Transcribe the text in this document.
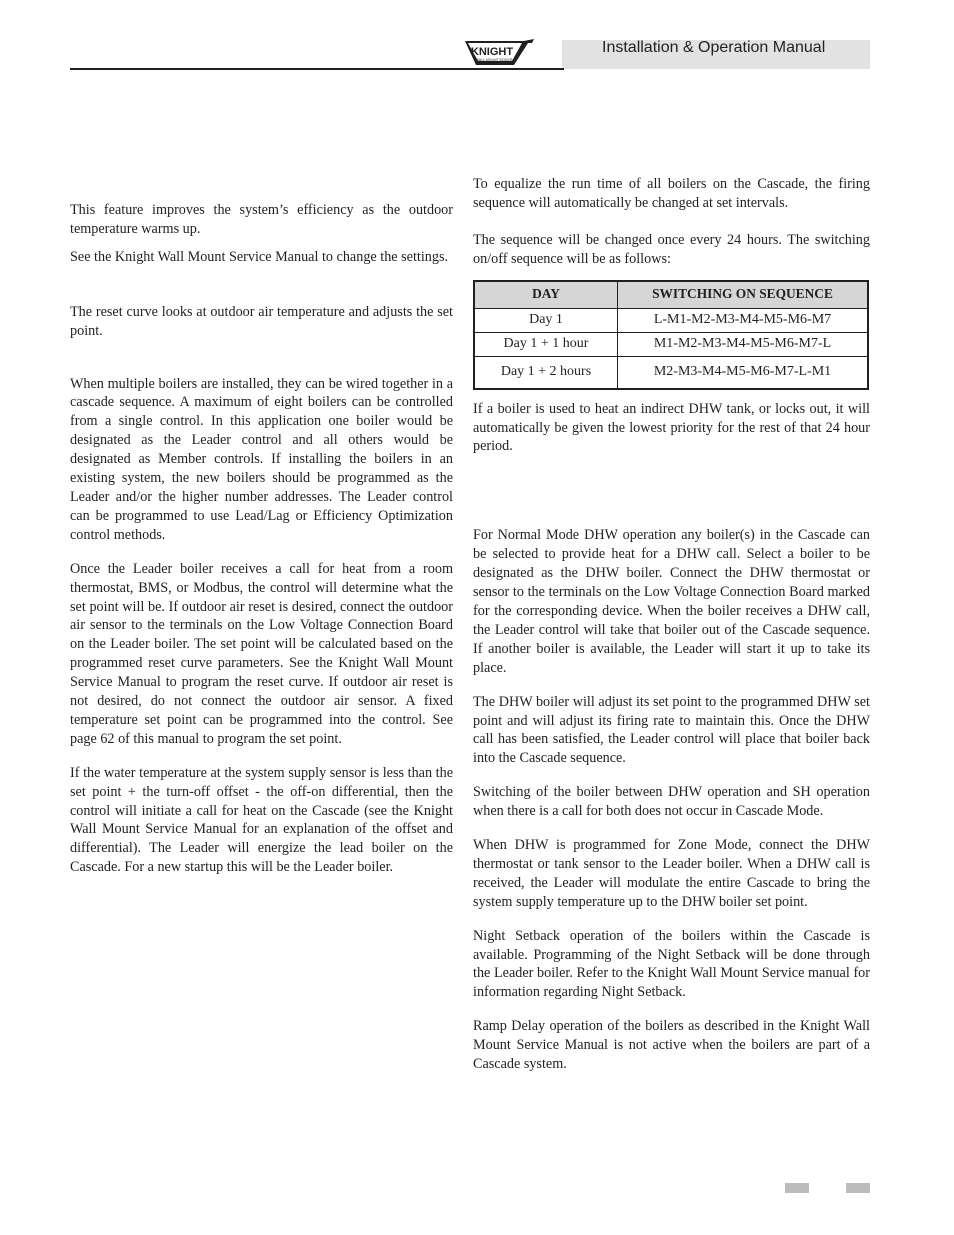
Installation & Operation Manual
KNIGHT
WALL MOUNT BOILER

This feature improves the system’s efficiency as the outdoor temperature warms up.

See the Knight Wall Mount Service Manual to change the settings.

The reset curve looks at outdoor air temperature and adjusts the set point.

When multiple boilers are installed, they can be wired together in a cascade sequence. A maximum of eight boilers can be controlled from a single control. In this application one boiler would be designated as the Leader control and all others would be designated as Member controls. If installing the boilers in an existing system, the new boilers should be programmed as the Leader and/or the higher number addresses. The Leader control can be programmed to use Lead/Lag or Efficiency Optimization control methods.

Once the Leader boiler receives a call for heat from a room thermostat, BMS, or Modbus, the control will determine what the set point will be. If outdoor air reset is desired, connect the outdoor air sensor to the terminals on the Low Voltage Connection Board on the Leader boiler. The set point will be calculated based on the programmed reset curve parameters. See the Knight Wall Mount Service Manual to program the reset curve. If outdoor air reset is not desired, do not connect the outdoor air sensor. A fixed temperature set point can be programmed into the control. See page 62 of this manual to program the set point.

If the water temperature at the system supply sensor is less than the set point + the turn-off offset - the off-on differential, then the control will initiate a call for heat on the Cascade (see the Knight Wall Mount Service Manual for an explanation of the offset and differential). The Leader will energize the lead boiler on the Cascade. For a new startup this will be the Leader boiler.

To equalize the run time of all boilers on the Cascade, the firing sequence will automatically be changed at set intervals.

The sequence will be changed once every 24 hours. The switching on/off sequence will be as follows:

DAY	SWITCHING ON SEQUENCE
Day 1	L-M1-M2-M3-M4-M5-M6-M7
Day 1 + 1 hour	M1-M2-M3-M4-M5-M6-M7-L
Day 1 + 2 hours	M2-M3-M4-M5-M6-M7-L-M1

If a boiler is used to heat an indirect DHW tank, or locks out, it will automatically be given the lowest priority for the rest of that 24 hour period.

For Normal Mode DHW operation any boiler(s) in the Cascade can be selected to provide heat for a DHW call. Select a boiler to be designated as the DHW boiler. Connect the DHW thermostat or sensor to the terminals on the Low Voltage Connection Board marked for the corresponding device. When the boiler receives a DHW call, the Leader control will take that boiler out of the Cascade sequence. If another boiler is available, the Leader will start it up to take its place.

The DHW boiler will adjust its set point to the programmed DHW set point and will adjust its firing rate to maintain this. Once the DHW call has been satisfied, the Leader control will place that boiler back into the Cascade sequence.

Switching of the boiler between DHW operation and SH operation when there is a call for both does not occur in Cascade Mode.

When DHW is programmed for Zone Mode, connect the DHW thermostat or tank sensor to the Leader boiler. When a DHW call is received, the Leader will modulate the entire Cascade to bring the system supply temperature up to the DHW boiler set point.

Night Setback operation of the boilers within the Cascade is available. Programming of the Night Setback will be done through the Leader boiler. Refer to the Knight Wall Mount Service manual for information regarding Night Setback.

Ramp Delay operation of the boilers as described in the Knight Wall Mount Service Manual is not active when the boilers are part of a Cascade system.
